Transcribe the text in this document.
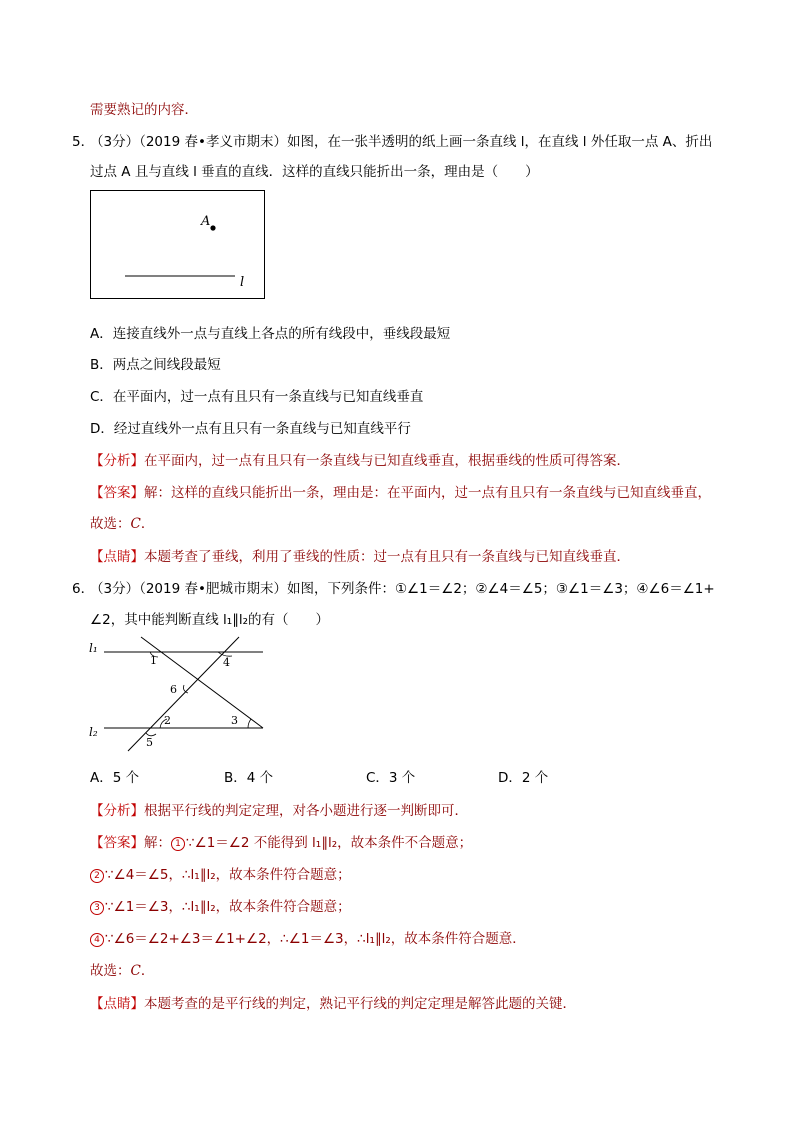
需要熟记的内容．
5．
（3分）（2019 春•孝义市期末）如图，在一张半透明的纸上画一条直线 l，在直线 l 外任取一点 A、折出
过点 A 且与直线 l 垂直的直线．这样的直线只能折出一条，理由是（　　）
A
l
A．连接直线外一点与直线上各点的所有线段中，垂线段最短
B．两点之间线段最短
C．在平面内，过一点有且只有一条直线与已知直线垂直
D．经过直线外一点有且只有一条直线与已知直线平行
【分析】在平面内，过一点有且只有一条直线与已知直线垂直，根据垂线的性质可得答案．
【答案】解：这样的直线只能折出一条，理由是：在平面内，过一点有且只有一条直线与已知直线垂直，
故选：C．
【点睛】本题考查了垂线，利用了垂线的性质：过一点有且只有一条直线与已知直线垂直．
6．
（3分）（2019 春•肥城市期末）如图，下列条件：①∠1＝∠2；②∠4＝∠5；③∠1＝∠3；④∠6＝∠1+
∠2，其中能判断直线 l₁∥l₂的有（　　）
l₁
l₂
1
2	3
4
5
6
A．5 个	B．4 个	C．3 个	D．2 个
【分析】根据平行线的判定定理，对各小题进行逐一判断即可．
【答案】解： 1 ∵∠1＝∠2 不能得到 l₁∥l₂，故本条件不合题意；
2 ∵∠4＝∠5，∴l₁∥l₂，故本条件符合题意；
3 ∵∠1＝∠3，∴l₁∥l₂，故本条件符合题意；
4 ∵∠6＝∠2+∠3＝∠1+∠2，∴∠1＝∠3，∴l₁∥l₂，故本条件符合题意．
故选：C．
【点睛】本题考查的是平行线的判定，熟记平行线的判定定理是解答此题的关键．
